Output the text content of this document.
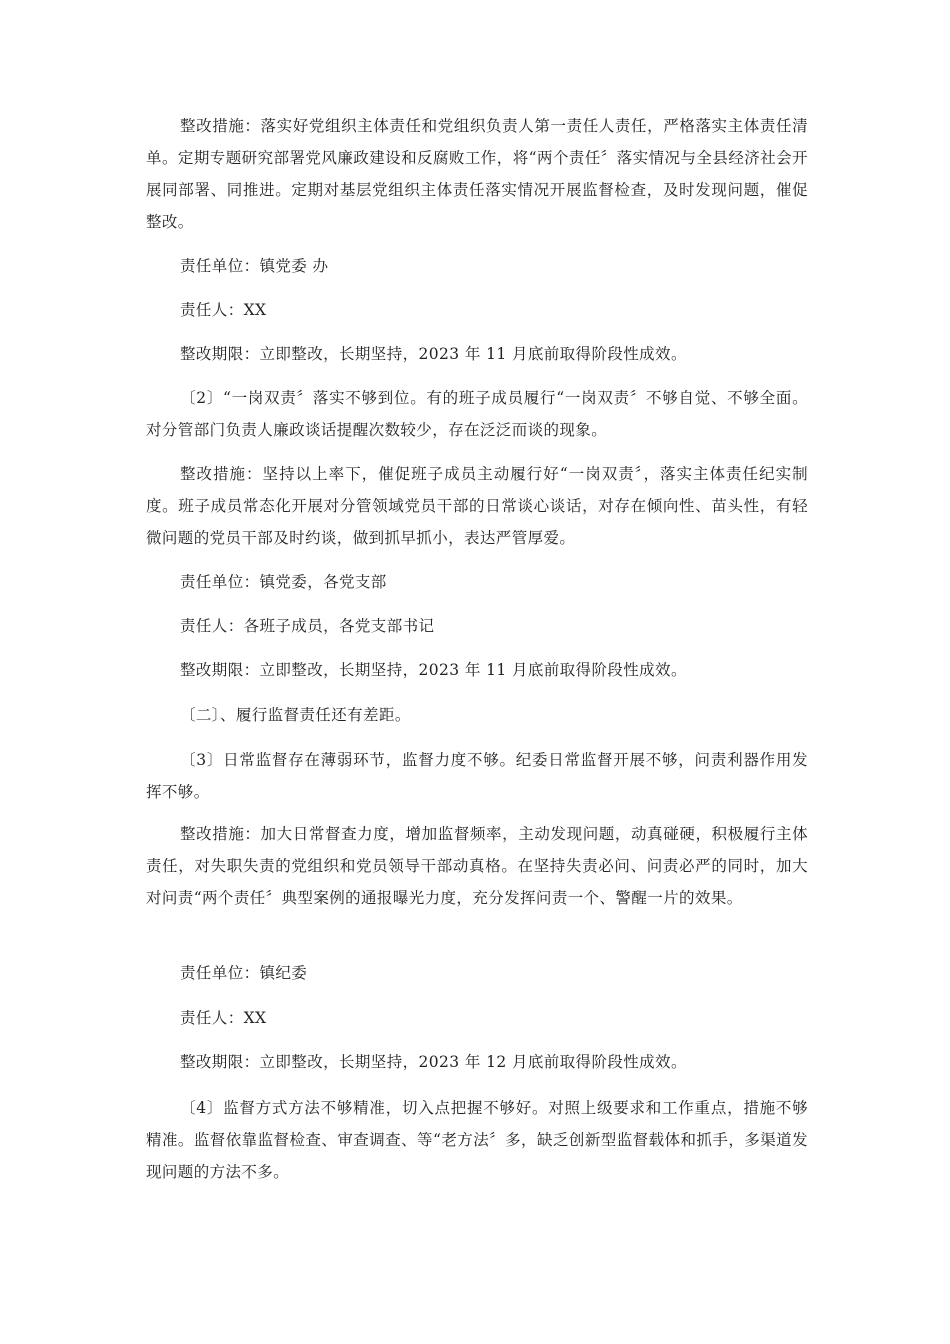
整改措施：落实好党组织主体责任和党组织负责人第一责任人责任，严格落实主体责任清单。定期专题研究部署党风廉政建设和反腐败工作，将“两个责任〞落实情况与全县经济社会开展同部署、同推进。定期对基层党组织主体责任落实情况开展监督检查，及时发现问题，催促整改。

责任单位：镇党委 办

责任人：XX

整改期限：立即整改，长期坚持，2023 年 11 月底前取得阶段性成效。

〔2〕“一岗双责〞落实不够到位。有的班子成员履行“一岗双责〞不够自觉、不够全面。对分管部门负责人廉政谈话提醒次数较少，存在泛泛而谈的现象。

整改措施：坚持以上率下，催促班子成员主动履行好“一岗双责〞，落实主体责任纪实制度。班子成员常态化开展对分管领域党员干部的日常谈心谈话，对存在倾向性、苗头性，有轻微问题的党员干部及时约谈，做到抓早抓小，表达严管厚爱。

责任单位：镇党委，各党支部

责任人：各班子成员，各党支部书记

整改期限：立即整改，长期坚持，2023 年 11 月底前取得阶段性成效。

〔二〕、履行监督责任还有差距。

〔3〕日常监督存在薄弱环节，监督力度不够。纪委日常监督开展不够，问责利器作用发挥不够。

整改措施：加大日常督查力度，增加监督频率，主动发现问题，动真碰硬，积极履行主体责任，对失职失责的党组织和党员领导干部动真格。在坚持失责必问、问责必严的同时，加大对问责“两个责任〞典型案例的通报曝光力度，充分发挥问责一个、警醒一片的效果。

责任单位：镇纪委

责任人：XX

整改期限：立即整改，长期坚持，2023 年 12 月底前取得阶段性成效。

〔4〕监督方式方法不够精准，切入点把握不够好。对照上级要求和工作重点，措施不够精准。监督依靠监督检查、审查调查、等“老方法〞多，缺乏创新型监督载体和抓手，多渠道发现问题的方法不多。
